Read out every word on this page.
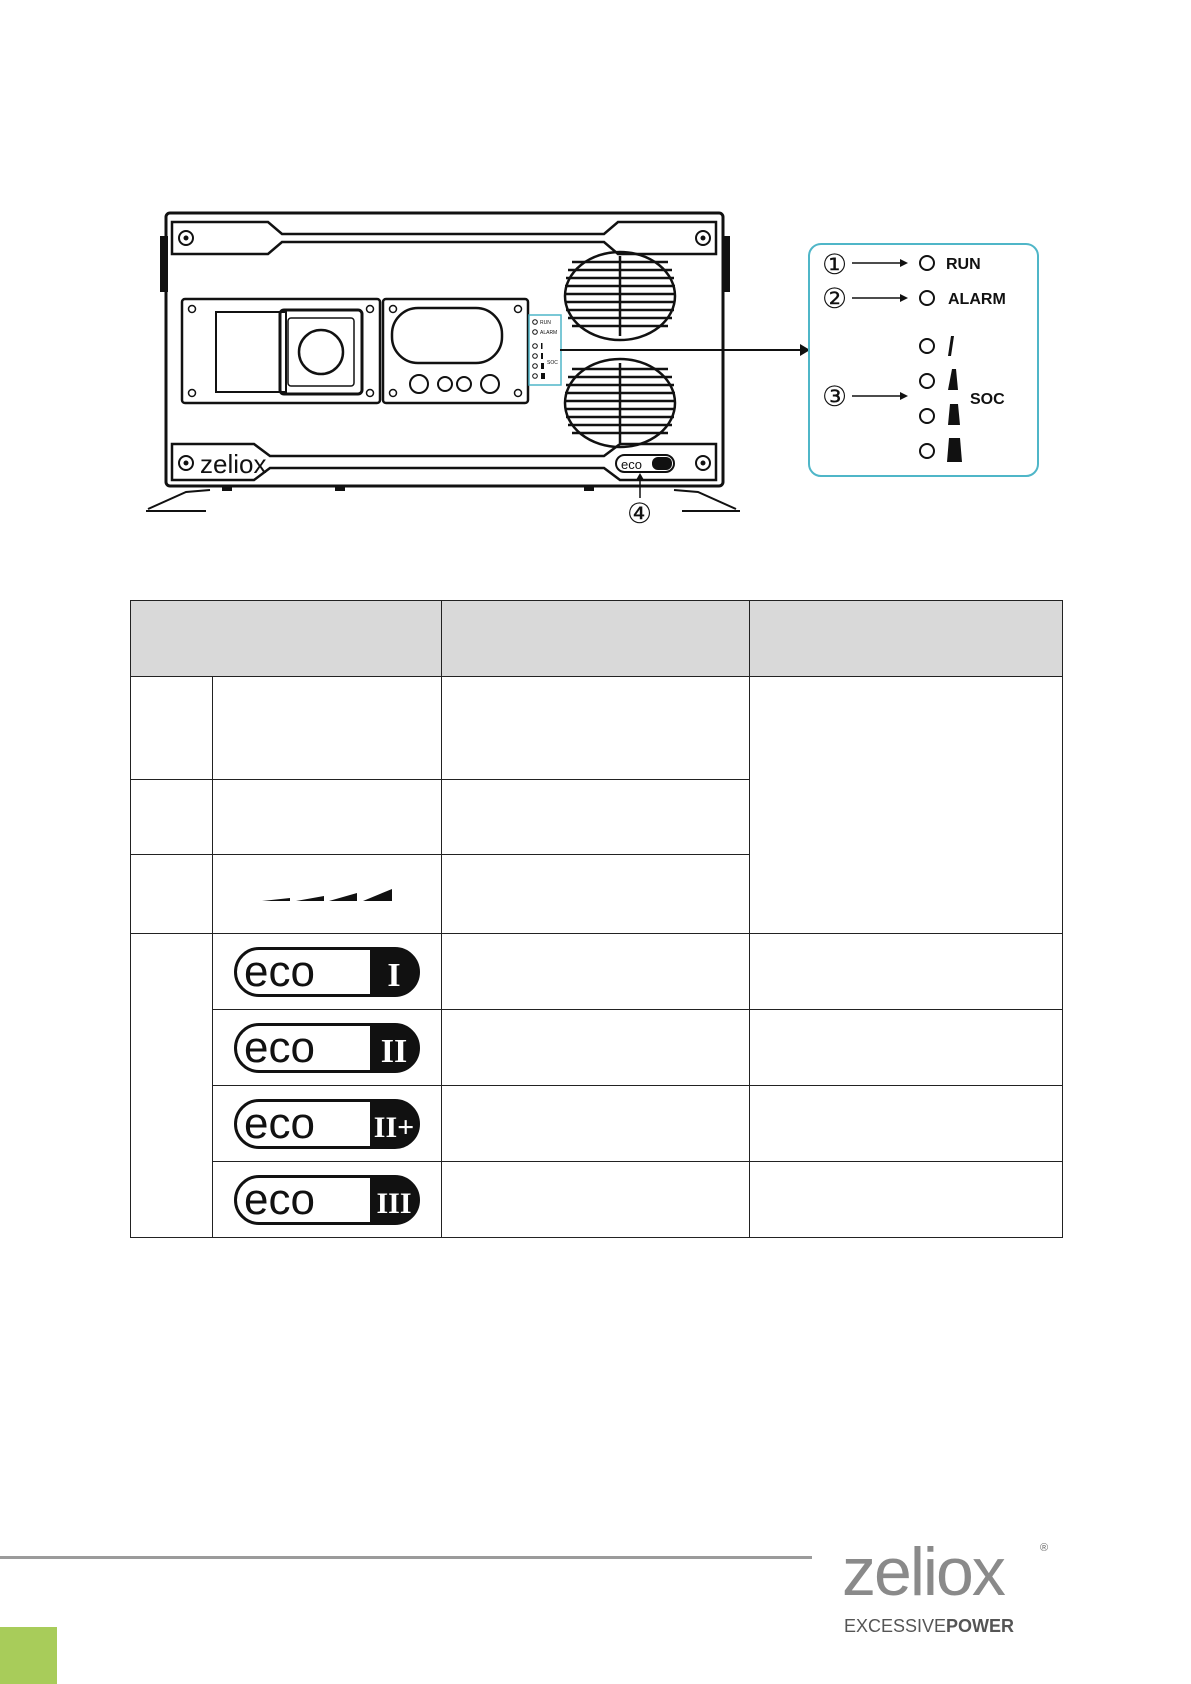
zeliox	eco
RUN
ALARM
SOC
④
①	RUN
②	ALARM
③	SOC

eco I		

eco II		

eco II+		

eco III		

zeliox	®
EXCESSIVEPOWER
